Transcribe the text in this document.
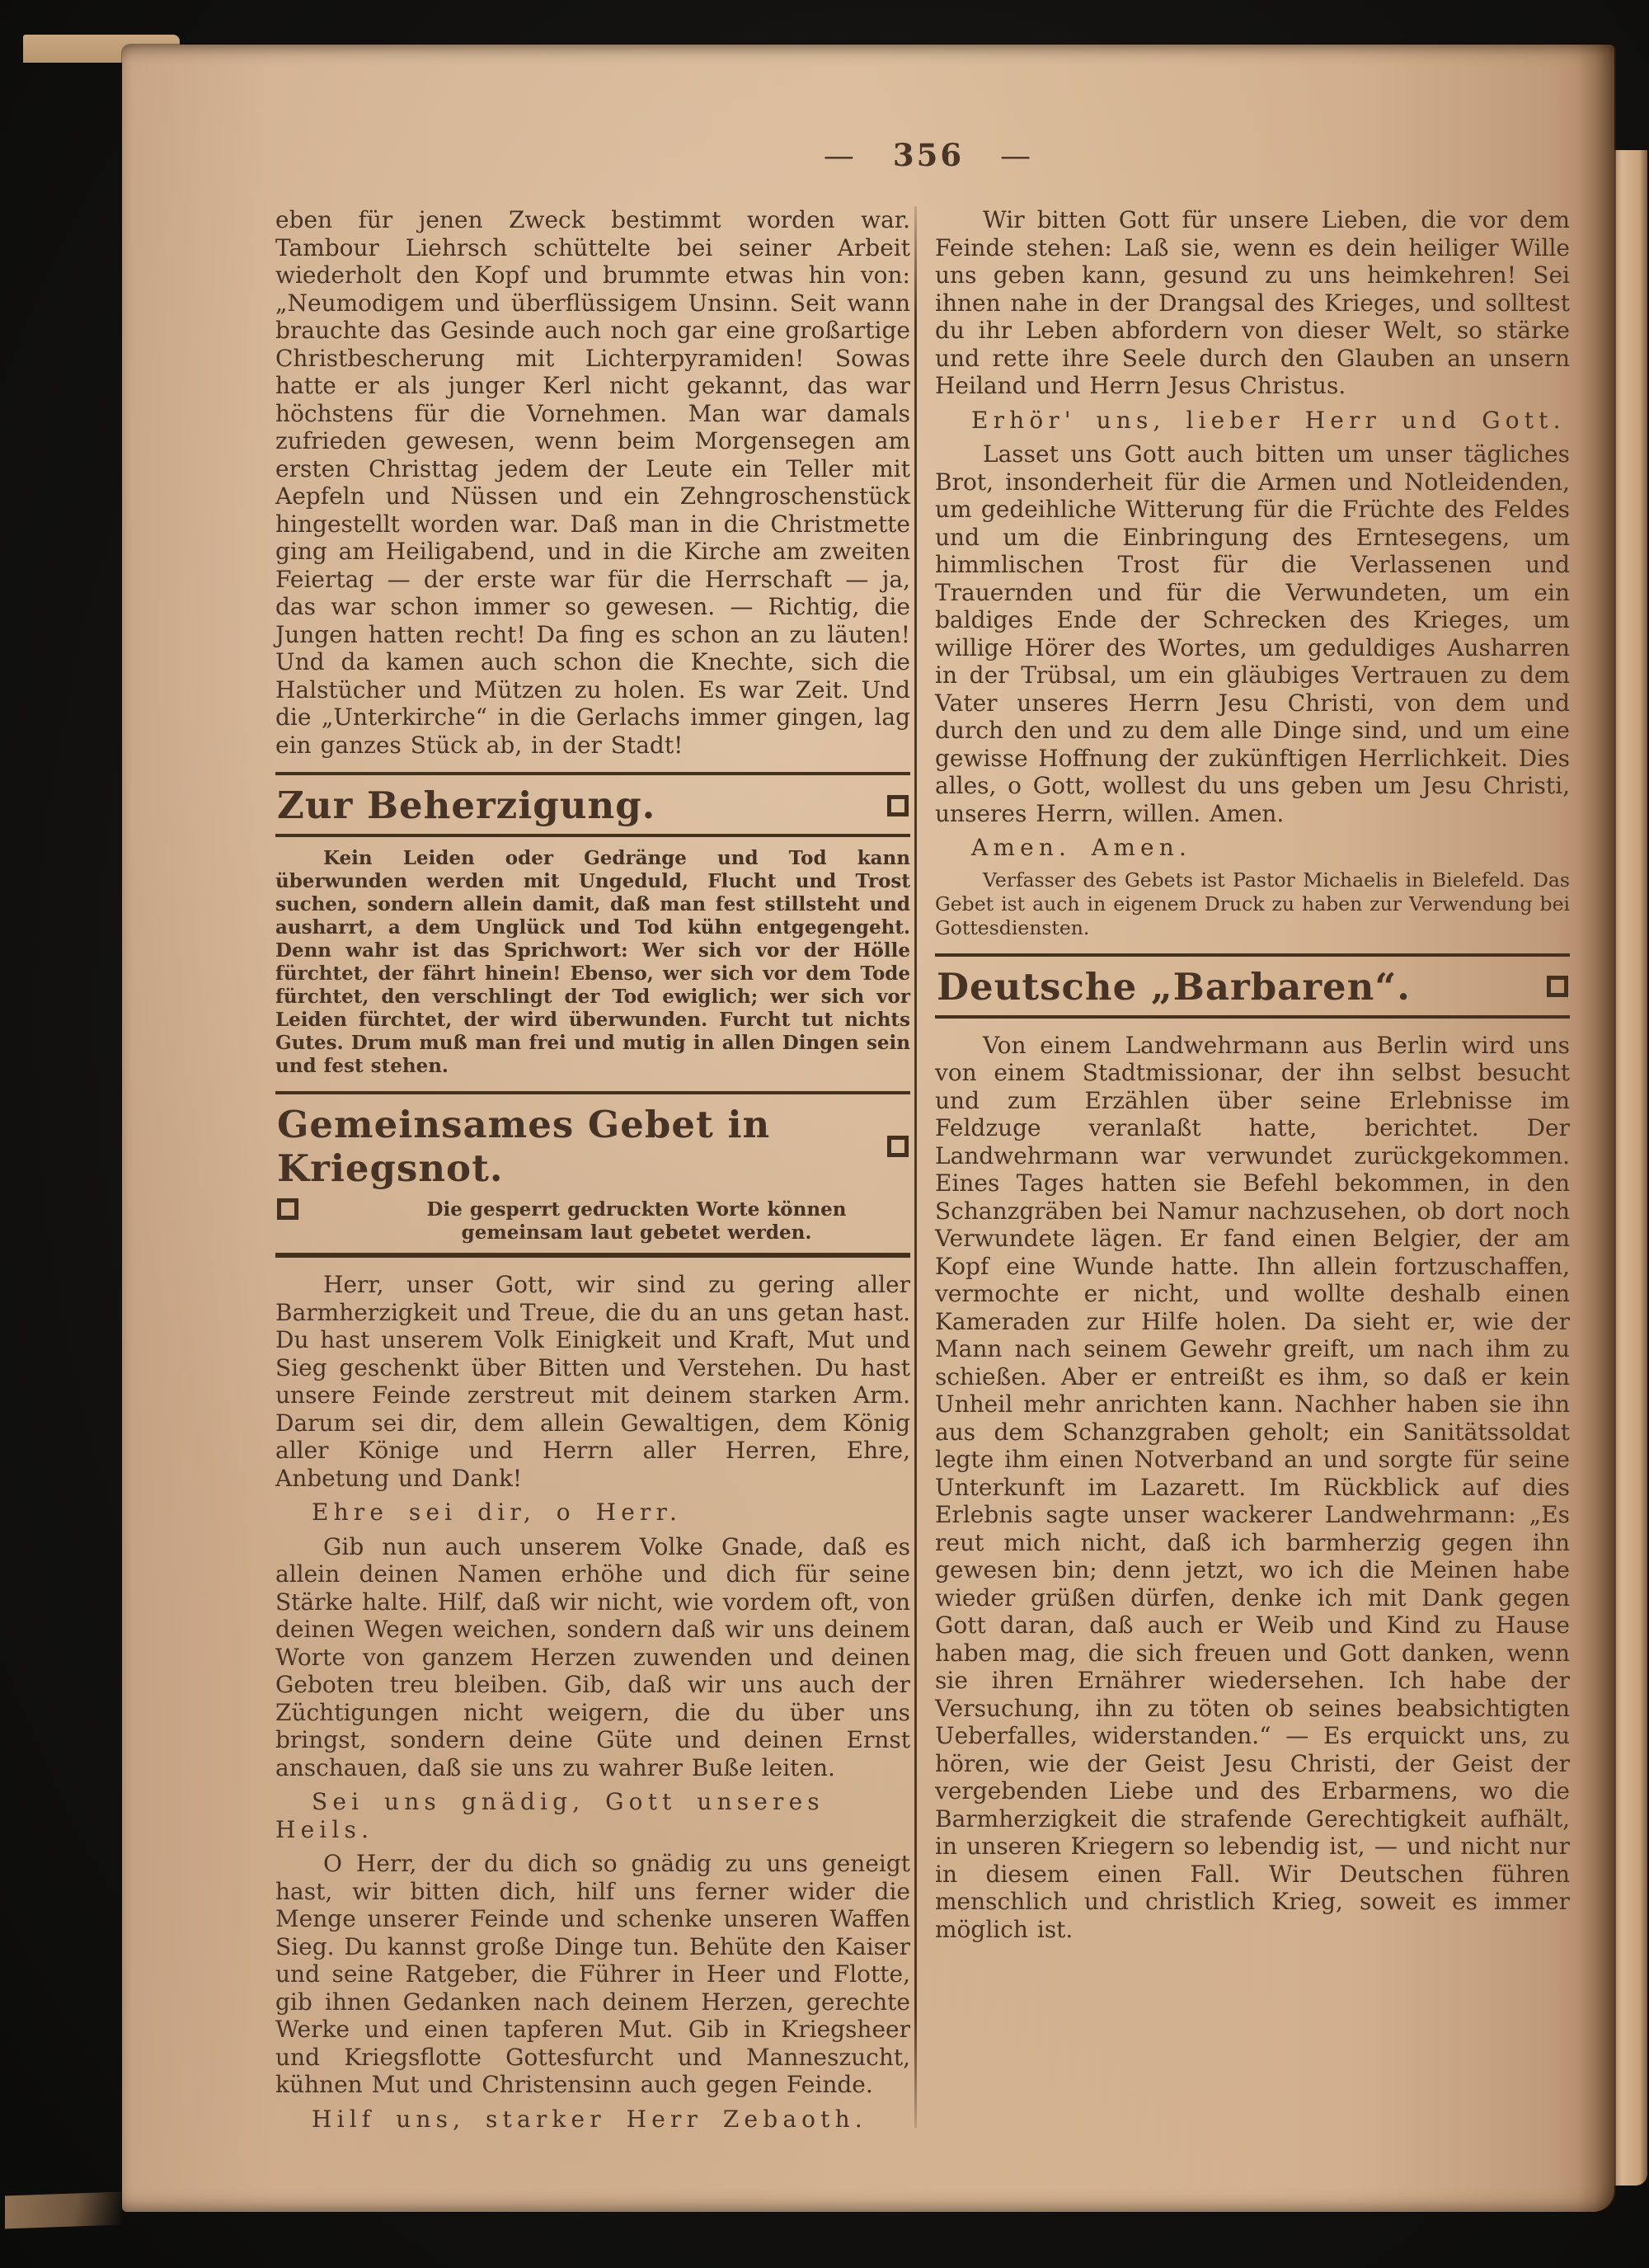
— 356 —

eben für jenen Zweck bestimmt worden war. Tambour Liehrsch schüttelte bei seiner Arbeit wiederholt den Kopf und brummte etwas hin von: „Neumodigem und überflüssigem Unsinn. Seit wann brauchte das Gesinde auch noch gar eine großartige Christbescherung mit Lichterpyramiden! Sowas hatte er als junger Kerl nicht gekannt, das war höchstens für die Vornehmen. Man war damals zufrieden gewesen, wenn beim Morgensegen am ersten Christtag jedem der Leute ein Teller mit Aepfeln und Nüssen und ein Zehngroschenstück hingestellt worden war. Daß man in die Christmette ging am Heiligabend, und in die Kirche am zweiten Feiertag — der erste war für die Herrschaft — ja, das war schon immer so gewesen. — Richtig, die Jungen hatten recht! Da fing es schon an zu läuten! Und da kamen auch schon die Knechte, sich die Halstücher und Mützen zu holen. Es war Zeit. Und die „Unterkirche“ in die Gerlachs immer gingen, lag ein ganzes Stück ab, in der Stadt!

Zur Beherzigung.

Kein Leiden oder Gedränge und Tod kann überwunden werden mit Ungeduld, Flucht und Trost suchen, sondern allein damit, daß man fest stillsteht und ausharrt, a dem Unglück und Tod kühn entgegengeht. Denn wahr ist das Sprichwort: Wer sich vor der Hölle fürchtet, der fährt hinein! Ebenso, wer sich vor dem Tode fürchtet, den verschlingt der Tod ewiglich; wer sich vor Leiden fürchtet, der wird überwunden. Furcht tut nichts Gutes. Drum muß man frei und mutig in allen Dingen sein und fest stehen.

Gemeinsames Gebet in Kriegsnot.
Die gesperrt gedruckten Worte können gemeinsam laut gebetet werden.

Herr, unser Gott, wir sind zu gering aller Barmherzigkeit und Treue, die du an uns getan hast. Du hast unserem Volk Einigkeit und Kraft, Mut und Sieg geschenkt über Bitten und Verstehen. Du hast unsere Feinde zerstreut mit deinem starken Arm. Darum sei dir, dem allein Gewaltigen, dem König aller Könige und Herrn aller Herren, Ehre, Anbetung und Dank!

Ehre sei dir, o Herr.

Gib nun auch unserem Volke Gnade, daß es allein deinen Namen erhöhe und dich für seine Stärke halte. Hilf, daß wir nicht, wie vordem oft, von deinen Wegen weichen, sondern daß wir uns deinem Worte von ganzem Herzen zuwenden und deinen Geboten treu bleiben. Gib, daß wir uns auch der Züchtigungen nicht weigern, die du über uns bringst, sondern deine Güte und deinen Ernst anschauen, daß sie uns zu wahrer Buße leiten.

Sei uns gnädig, Gott unseres Heils.

O Herr, der du dich so gnädig zu uns geneigt hast, wir bitten dich, hilf uns ferner wider die Menge unserer Feinde und schenke unseren Waffen Sieg. Du kannst große Dinge tun. Behüte den Kaiser und seine Ratgeber, die Führer in Heer und Flotte, gib ihnen Gedanken nach deinem Herzen, gerechte Werke und einen tapferen Mut. Gib in Kriegsheer und Kriegsflotte Gottesfurcht und Manneszucht, kühnen Mut und Christensinn auch gegen Feinde.

Hilf uns, starker Herr Zebaoth.

Wir bitten Gott für unsere Lieben, die vor dem Feinde stehen: Laß sie, wenn es dein heiliger Wille uns geben kann, gesund zu uns heimkehren! Sei ihnen nahe in der Drangsal des Krieges, und solltest du ihr Leben abfordern von dieser Welt, so stärke und rette ihre Seele durch den Glauben an unsern Heiland und Herrn Jesus Christus.

Erhör' uns, lieber Herr und Gott.

Lasset uns Gott auch bitten um unser tägliches Brot, insonderheit für die Armen und Notleidenden, um gedeihliche Witterung für die Früchte des Feldes und um die Einbringung des Erntesegens, um himmlischen Trost für die Verlassenen und Trauernden und für die Verwundeten, um ein baldiges Ende der Schrecken des Krieges, um willige Hörer des Wortes, um geduldiges Ausharren in der Trübsal, um ein gläubiges Vertrauen zu dem Vater unseres Herrn Jesu Christi, von dem und durch den und zu dem alle Dinge sind, und um eine gewisse Hoffnung der zukünftigen Herrlichkeit. Dies alles, o Gott, wollest du uns geben um Jesu Christi, unseres Herrn, willen. Amen.

Amen. Amen.

Verfasser des Gebets ist Pastor Michaelis in Bielefeld. Das Gebet ist auch in eigenem Druck zu haben zur Verwendung bei Gottesdiensten.

Deutsche „Barbaren“.

Von einem Landwehrmann aus Berlin wird uns von einem Stadtmissionar, der ihn selbst besucht und zum Erzählen über seine Erlebnisse im Feldzuge veranlaßt hatte, berichtet. Der Landwehrmann war verwundet zurückgekommen. Eines Tages hatten sie Befehl bekommen, in den Schanzgräben bei Namur nachzusehen, ob dort noch Verwundete lägen. Er fand einen Belgier, der am Kopf eine Wunde hatte. Ihn allein fortzuschaffen, vermochte er nicht, und wollte deshalb einen Kameraden zur Hilfe holen. Da sieht er, wie der Mann nach seinem Gewehr greift, um nach ihm zu schießen. Aber er entreißt es ihm, so daß er kein Unheil mehr anrichten kann. Nachher haben sie ihn aus dem Schanzgraben geholt; ein Sanitätssoldat legte ihm einen Notverband an und sorgte für seine Unterkunft im Lazarett. Im Rückblick auf dies Erlebnis sagte unser wackerer Landwehrmann: „Es reut mich nicht, daß ich barmherzig gegen ihn gewesen bin; denn jetzt, wo ich die Meinen habe wieder grüßen dürfen, denke ich mit Dank gegen Gott daran, daß auch er Weib und Kind zu Hause haben mag, die sich freuen und Gott danken, wenn sie ihren Ernährer wiedersehen. Ich habe der Versuchung, ihn zu töten ob seines beabsichtigten Ueberfalles, widerstanden.“ — Es erquickt uns, zu hören, wie der Geist Jesu Christi, der Geist der vergebenden Liebe und des Erbarmens, wo die Barmherzigkeit die strafende Gerechtigkeit aufhält, in unseren Kriegern so lebendig ist, — und nicht nur in diesem einen Fall. Wir Deutschen führen menschlich und christlich Krieg, soweit es immer möglich ist.
